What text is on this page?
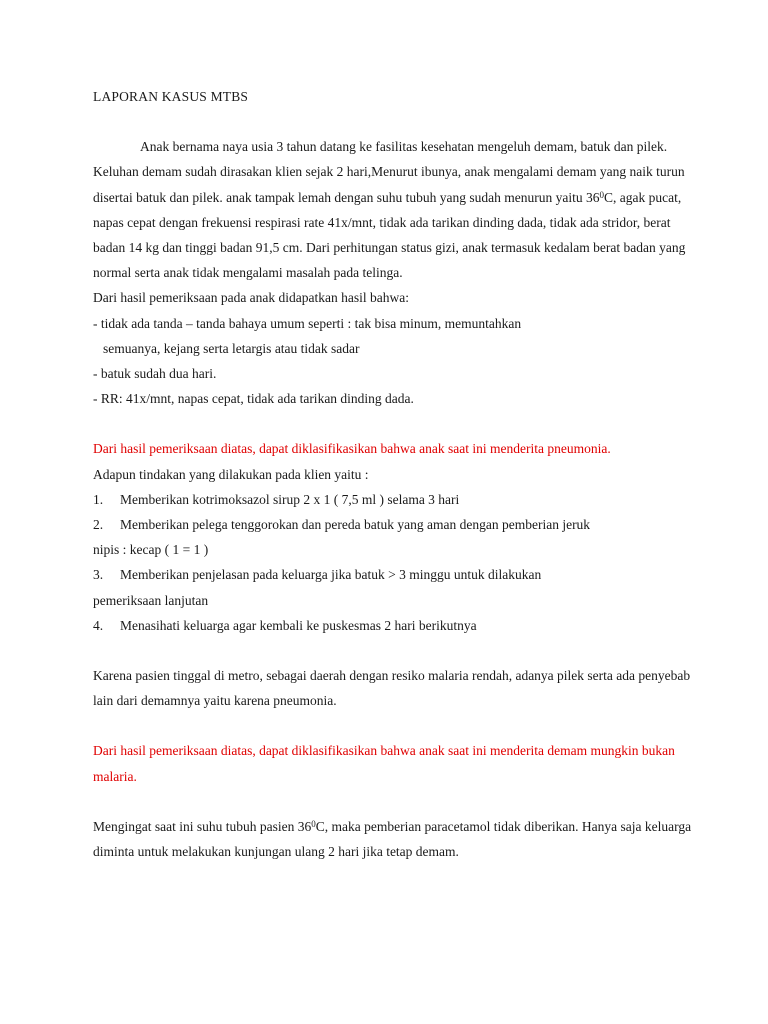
LAPORAN KASUS MTBS

Anak bernama naya usia 3 tahun datang ke fasilitas kesehatan mengeluh demam, batuk dan pilek. Keluhan demam sudah dirasakan klien sejak 2 hari,Menurut ibunya, anak mengalami demam yang naik turun disertai batuk dan pilek. anak tampak lemah dengan suhu tubuh yang sudah menurun yaitu $36^0C$, agak pucat, napas cepat dengan frekuensi respirasi rate 41x/mnt, tidak ada tarikan dinding dada, tidak ada stridor, berat badan 14 kg dan tinggi badan 91,5 cm. Dari perhitungan status gizi, anak termasuk kedalam berat badan yang normal serta anak tidak mengalami masalah pada telinga.

Dari hasil pemeriksaan pada anak didapatkan hasil bahwa:

- tidak ada tanda – tanda bahaya umum seperti : tak bisa minum, memuntahkan

semuanya, kejang serta letargis atau tidak sadar

- batuk sudah dua hari.

- RR: 41x/mnt, napas cepat, tidak ada tarikan dinding dada.

Dari hasil pemeriksaan diatas, dapat diklasifikasikan bahwa anak saat ini menderita pneumonia.

Adapun tindakan yang dilakukan pada klien yaitu :

1.	Memberikan kotrimoksazol sirup 2 x 1 ( 7,5 ml ) selama 3 hari
2.	Memberikan pelega tenggorokan dan pereda batuk yang aman dengan pemberian jeruk

nipis : kecap ( 1 = 1 )

3.	Memberikan penjelasan pada keluarga jika batuk > 3 minggu untuk dilakukan

pemeriksaan lanjutan

4.	Menasihati keluarga agar kembali ke puskesmas 2 hari berikutnya

Karena pasien tinggal di metro, sebagai daerah dengan resiko malaria rendah, adanya pilek serta ada penyebab lain dari demamnya yaitu karena pneumonia.

Dari hasil pemeriksaan diatas, dapat diklasifikasikan bahwa anak saat ini menderita demam mungkin bukan malaria.

Mengingat saat ini suhu tubuh pasien $36^0C$, maka pemberian paracetamol tidak diberikan. Hanya saja keluarga diminta untuk melakukan kunjungan ulang 2 hari jika tetap demam.
